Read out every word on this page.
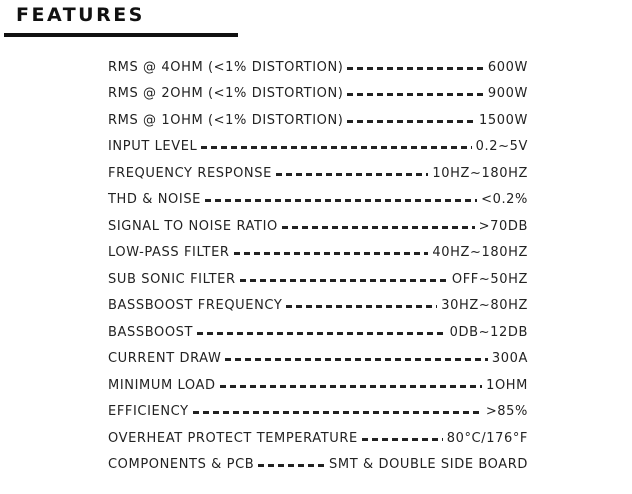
FEATURES
RMS @ 4OHM (<1% DISTORTION)	600W
RMS @ 2OHM (<1% DISTORTION)	900W
RMS @ 1OHM (<1% DISTORTION)	1500W
INPUT LEVEL	0.2~5V
FREQUENCY RESPONSE	10HZ~180HZ
THD & NOISE	<0.2%
SIGNAL TO NOISE RATIO	>70DB
LOW-PASS FILTER	40HZ~180HZ
SUB SONIC FILTER	OFF~50HZ
BASSBOOST FREQUENCY	30HZ~80HZ
BASSBOOST	0DB~12DB
CURRENT DRAW	300A
MINIMUM LOAD	1OHM
EFFICIENCY	>85%
OVERHEAT PROTECT TEMPERATURE	80°C/176°F
COMPONENTS & PCB	SMT & DOUBLE SIDE BOARD
